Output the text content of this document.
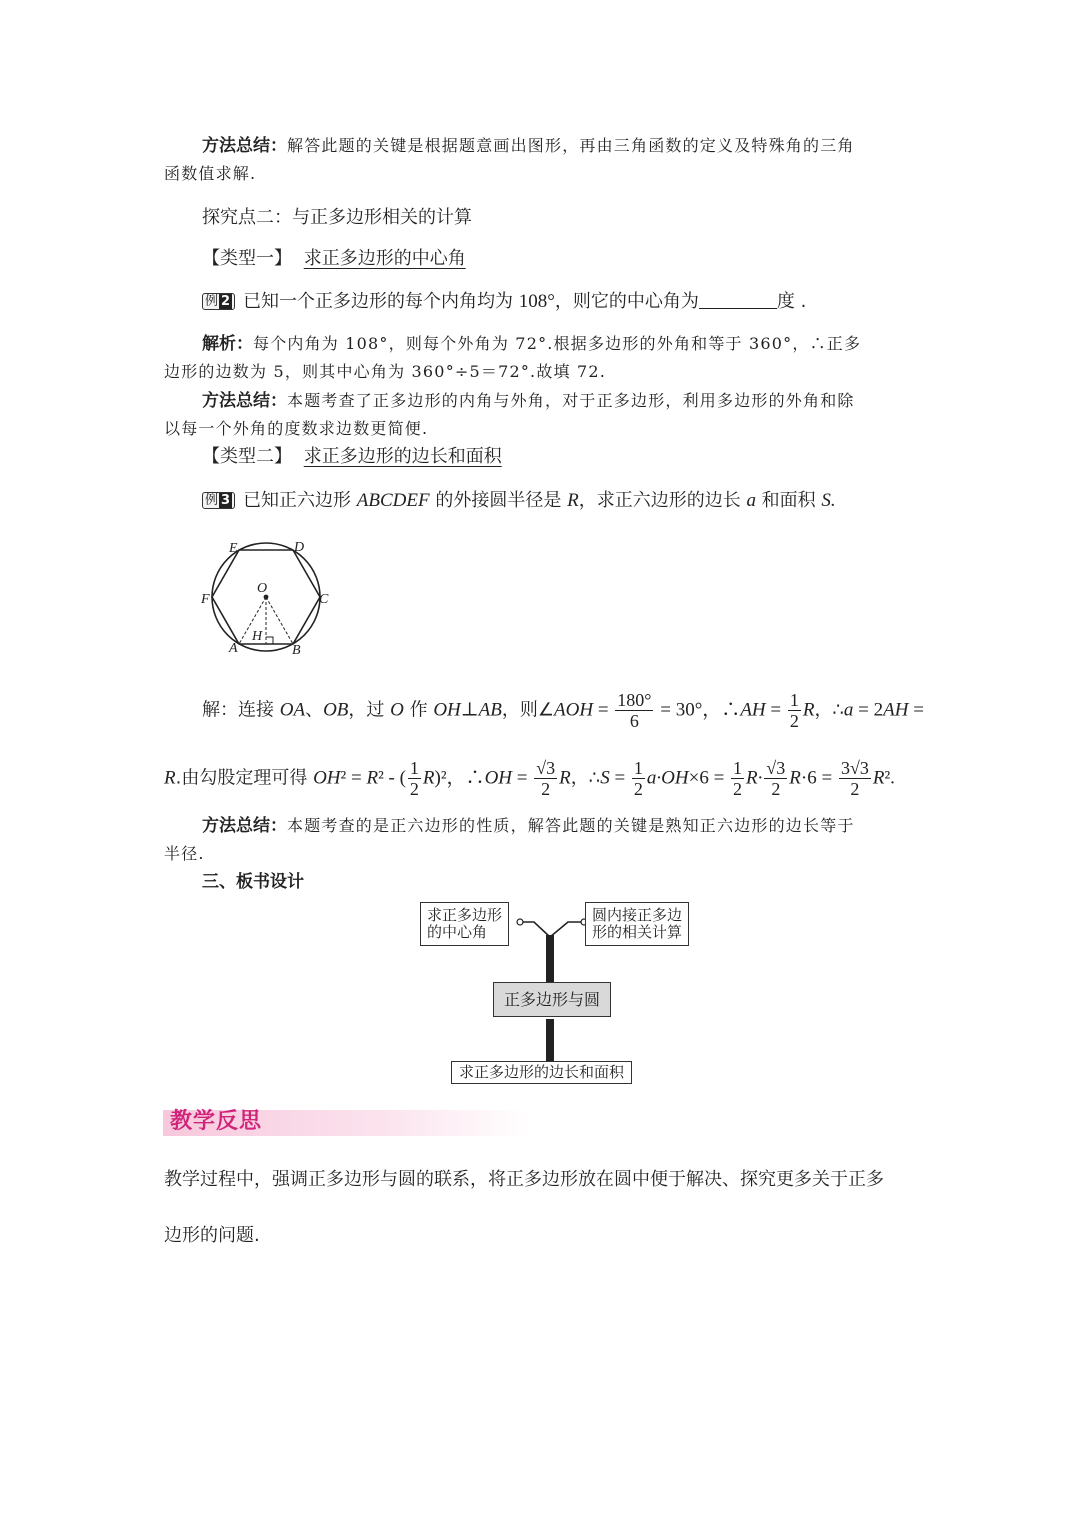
方法总结：解答此题的关键是根据题意画出图形，再由三角函数的定义及特殊角的三角
函数值求解.
探究点二：与正多边形相关的计算
【类型一】 求正多边形的中心角
例 2 已知一个正多边形的每个内角均为 108°，则它的中心角为	度 .
解析：每个内角为 108°，则每个外角为 72°.根据多边形的外角和等于 360°，∴正多
边形的边数为 5，则其中心角为 360°÷5＝72°.故填 72.
方法总结：本题考查了正多边形的内角与外角，对于正多边形，利用多边形的外角和除
以每一个外角的度数求边数更简便.
【类型二】 求正多边形的边长和面积
例 3 已知正六边形 ABCDEF 的外接圆半径是 R，求正六边形的边长 a 和面积 S.
E	D
F	C
O
H
A	B
解：连接 OA、OB，过 O 作 OH⊥AB，则∠AOH = $\frac{180^\circ}{6} = 30^\circ$，∴AH = $\frac{1}{2}$ R，∴a = 2AH =
R.由勾股定理可得 OH² = R² - ( $\frac{1}{2} R)^2$，∴OH = $\frac{√3}{2}$ R，∴S = $\frac{1}{2} a\cdot OH\times 6 = \frac{1}{2} R\cdot \frac{√3}{2} R\cdot 6 = \frac{3√3}{2} R^2$.
方法总结：本题考查的是正六边形的性质，解答此题的关键是熟知正六边形的边长等于
半径.
三、板书设计
求正多边形
的中心角
圆内接正多边
形的相关计算
正多边形与圆
求正多边形的边长和面积
教学反思
教学过程中，强调正多边形与圆的联系，将正多边形放在圆中便于解决、探究更多关于正多
边形的问题.
